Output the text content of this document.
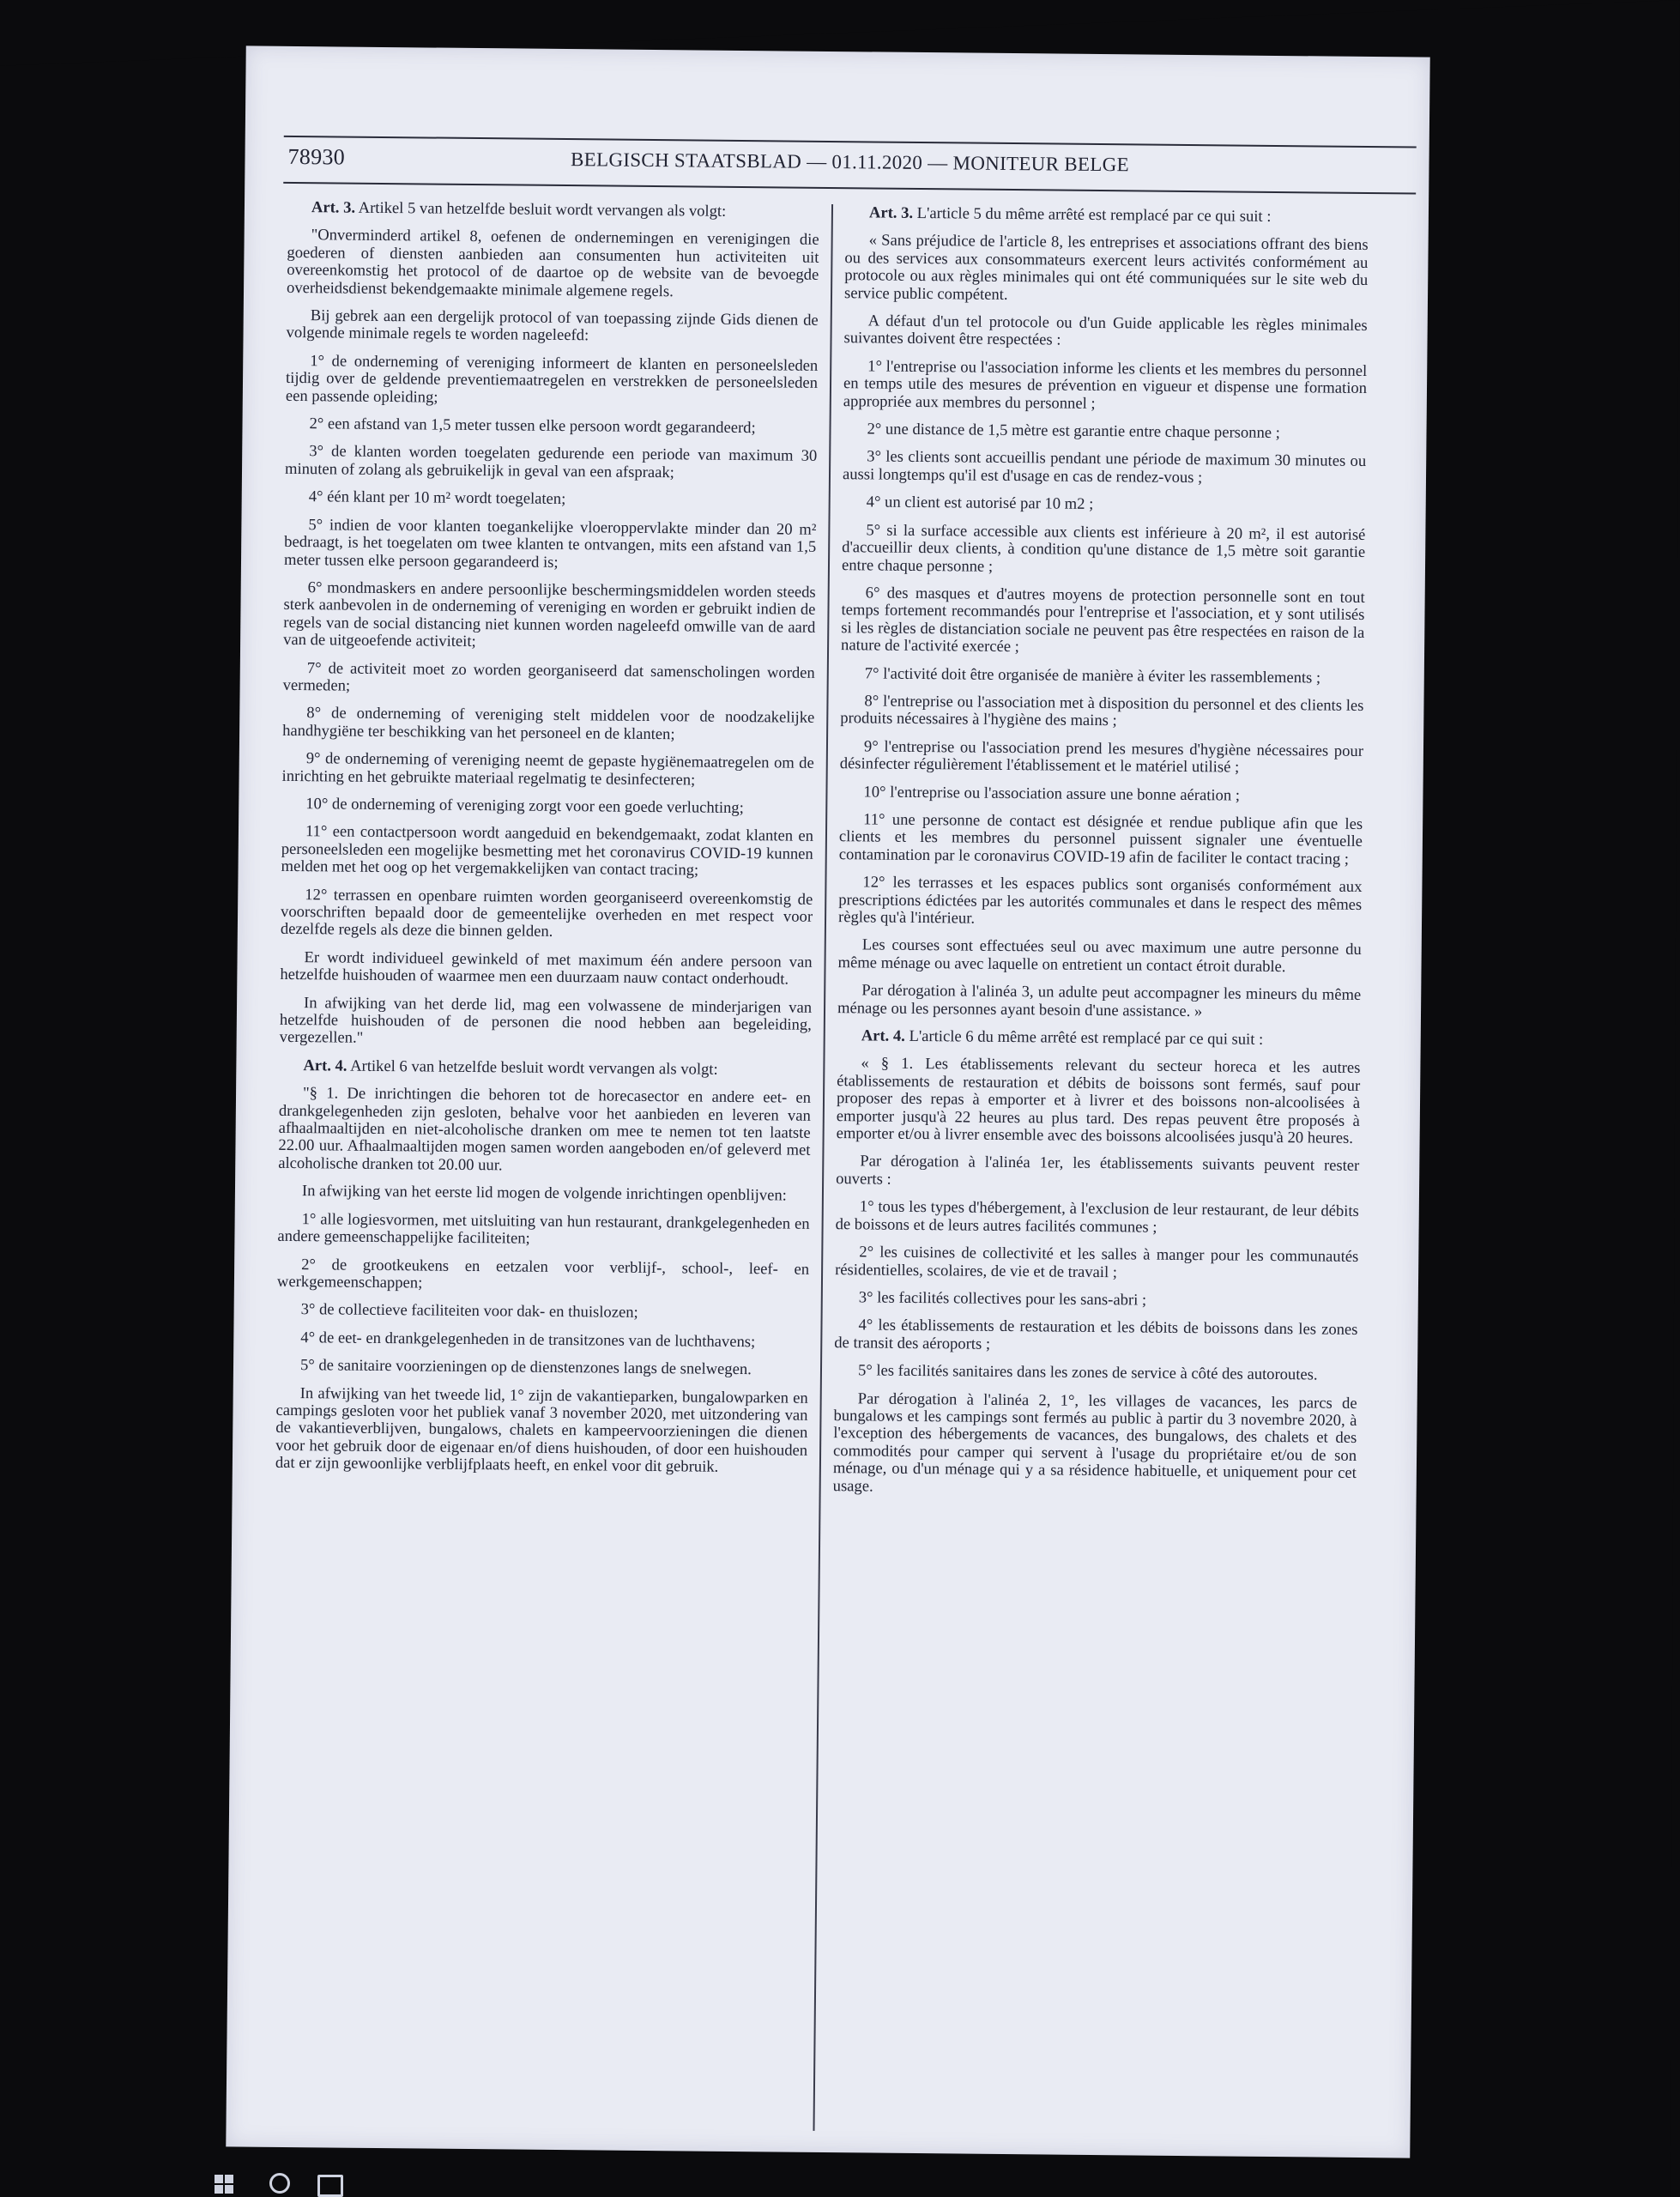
78930	BELGISCH STAATSBLAD — 01.11.2020 — MONITEUR BELGE

Art. 3. Artikel 5 van hetzelfde besluit wordt vervangen als volgt:

"Onverminderd artikel 8, oefenen de ondernemingen en verenigingen die goederen of diensten aanbieden aan consumenten hun activiteiten uit overeenkomstig het protocol of de daartoe op de website van de bevoegde overheidsdienst bekendgemaakte minimale algemene regels.

Bij gebrek aan een dergelijk protocol of van toepassing zijnde Gids dienen de volgende minimale regels te worden nageleefd:

1° de onderneming of vereniging informeert de klanten en personeelsleden tijdig over de geldende preventiemaatregelen en verstrekken de personeelsleden een passende opleiding;

2° een afstand van 1,5 meter tussen elke persoon wordt gegarandeerd;

3° de klanten worden toegelaten gedurende een periode van maximum 30 minuten of zolang als gebruikelijk in geval van een afspraak;

4° één klant per 10 m² wordt toegelaten;

5° indien de voor klanten toegankelijke vloeroppervlakte minder dan 20 m² bedraagt, is het toegelaten om twee klanten te ontvangen, mits een afstand van 1,5 meter tussen elke persoon gegarandeerd is;

6° mondmaskers en andere persoonlijke beschermingsmiddelen worden steeds sterk aanbevolen in de onderneming of vereniging en worden er gebruikt indien de regels van de social distancing niet kunnen worden nageleefd omwille van de aard van de uitgeoefende activiteit;

7° de activiteit moet zo worden georganiseerd dat samenscholingen worden vermeden;

8° de onderneming of vereniging stelt middelen voor de noodzakelijke handhygiëne ter beschikking van het personeel en de klanten;

9° de onderneming of vereniging neemt de gepaste hygiënemaatregelen om de inrichting en het gebruikte materiaal regelmatig te desinfecteren;

10° de onderneming of vereniging zorgt voor een goede verluchting;

11° een contactpersoon wordt aangeduid en bekendgemaakt, zodat klanten en personeelsleden een mogelijke besmetting met het coronavirus COVID-19 kunnen melden met het oog op het vergemakkelijken van contact tracing;

12° terrassen en openbare ruimten worden georganiseerd overeenkomstig de voorschriften bepaald door de gemeentelijke overheden en met respect voor dezelfde regels als deze die binnen gelden.

Er wordt individueel gewinkeld of met maximum één andere persoon van hetzelfde huishouden of waarmee men een duurzaam nauw contact onderhoudt.

In afwijking van het derde lid, mag een volwassene de minderjarigen van hetzelfde huishouden of de personen die nood hebben aan begeleiding, vergezellen."

Art. 4. Artikel 6 van hetzelfde besluit wordt vervangen als volgt:

"§ 1. De inrichtingen die behoren tot de horecasector en andere eet- en drankgelegenheden zijn gesloten, behalve voor het aanbieden en leveren van afhaalmaaltijden en niet-alcoholische dranken om mee te nemen tot ten laatste 22.00 uur. Afhaalmaaltijden mogen samen worden aangeboden en/of geleverd met alcoholische dranken tot 20.00 uur.

In afwijking van het eerste lid mogen de volgende inrichtingen openblijven:

1° alle logiesvormen, met uitsluiting van hun restaurant, drankgelegenheden en andere gemeenschappelijke faciliteiten;

2° de grootkeukens en eetzalen voor verblijf-, school-, leef- en werkgemeenschappen;

3° de collectieve faciliteiten voor dak- en thuislozen;

4° de eet- en drankgelegenheden in de transitzones van de luchthavens;

5° de sanitaire voorzieningen op de dienstenzones langs de snelwegen.

In afwijking van het tweede lid, 1° zijn de vakantieparken, bungalowparken en campings gesloten voor het publiek vanaf 3 november 2020, met uitzondering van de vakantieverblijven, bungalows, chalets en kampeervoorzieningen die dienen voor het gebruik door de eigenaar en/of diens huishouden, of door een huishouden dat er zijn gewoonlijke verblijfplaats heeft, en enkel voor dit gebruik.

Art. 3. L'article 5 du même arrêté est remplacé par ce qui suit :

« Sans préjudice de l'article 8, les entreprises et associations offrant des biens ou des services aux consommateurs exercent leurs activités conformément au protocole ou aux règles minimales qui ont été communiquées sur le site web du service public compétent.

A défaut d'un tel protocole ou d'un Guide applicable les règles minimales suivantes doivent être respectées :

1° l'entreprise ou l'association informe les clients et les membres du personnel en temps utile des mesures de prévention en vigueur et dispense une formation appropriée aux membres du personnel ;

2° une distance de 1,5 mètre est garantie entre chaque personne ;

3° les clients sont accueillis pendant une période de maximum 30 minutes ou aussi longtemps qu'il est d'usage en cas de rendez-vous ;

4° un client est autorisé par 10 m2 ;

5° si la surface accessible aux clients est inférieure à 20 m², il est autorisé d'accueillir deux clients, à condition qu'une distance de 1,5 mètre soit garantie entre chaque personne ;

6° des masques et d'autres moyens de protection personnelle sont en tout temps fortement recommandés pour l'entreprise et l'association, et y sont utilisés si les règles de distanciation sociale ne peuvent pas être respectées en raison de la nature de l'activité exercée ;

7° l'activité doit être organisée de manière à éviter les rassemblements ;

8° l'entreprise ou l'association met à disposition du personnel et des clients les produits nécessaires à l'hygiène des mains ;

9° l'entreprise ou l'association prend les mesures d'hygiène nécessaires pour désinfecter régulièrement l'établissement et le matériel utilisé ;

10° l'entreprise ou l'association assure une bonne aération ;

11° une personne de contact est désignée et rendue publique afin que les clients et les membres du personnel puissent signaler une éventuelle contamination par le coronavirus COVID-19 afin de faciliter le contact tracing ;

12° les terrasses et les espaces publics sont organisés conformément aux prescriptions édictées par les autorités communales et dans le respect des mêmes règles qu'à l'intérieur.

Les courses sont effectuées seul ou avec maximum une autre personne du même ménage ou avec laquelle on entretient un contact étroit durable.

Par dérogation à l'alinéa 3, un adulte peut accompagner les mineurs du même ménage ou les personnes ayant besoin d'une assistance. »

Art. 4. L'article 6 du même arrêté est remplacé par ce qui suit :

« § 1. Les établissements relevant du secteur horeca et les autres établissements de restauration et débits de boissons sont fermés, sauf pour proposer des repas à emporter et à livrer et des boissons non-alcoolisées à emporter jusqu'à 22 heures au plus tard. Des repas peuvent être proposés à emporter et/ou à livrer ensemble avec des boissons alcoolisées jusqu'à 20 heures.

Par dérogation à l'alinéa 1er, les établissements suivants peuvent rester ouverts :

1° tous les types d'hébergement, à l'exclusion de leur restaurant, de leur débits de boissons et de leurs autres facilités communes ;

2° les cuisines de collectivité et les salles à manger pour les communautés résidentielles, scolaires, de vie et de travail ;

3° les facilités collectives pour les sans-abri ;

4° les établissements de restauration et les débits de boissons dans les zones de transit des aéroports ;

5° les facilités sanitaires dans les zones de service à côté des autoroutes.

Par dérogation à l'alinéa 2, 1°, les villages de vacances, les parcs de bungalows et les campings sont fermés au public à partir du 3 novembre 2020, à l'exception des hébergements de vacances, des bungalows, des chalets et des commodités pour camper qui servent à l'usage du propriétaire et/ou de son ménage, ou d'un ménage qui y a sa résidence habituelle, et uniquement pour cet usage.
